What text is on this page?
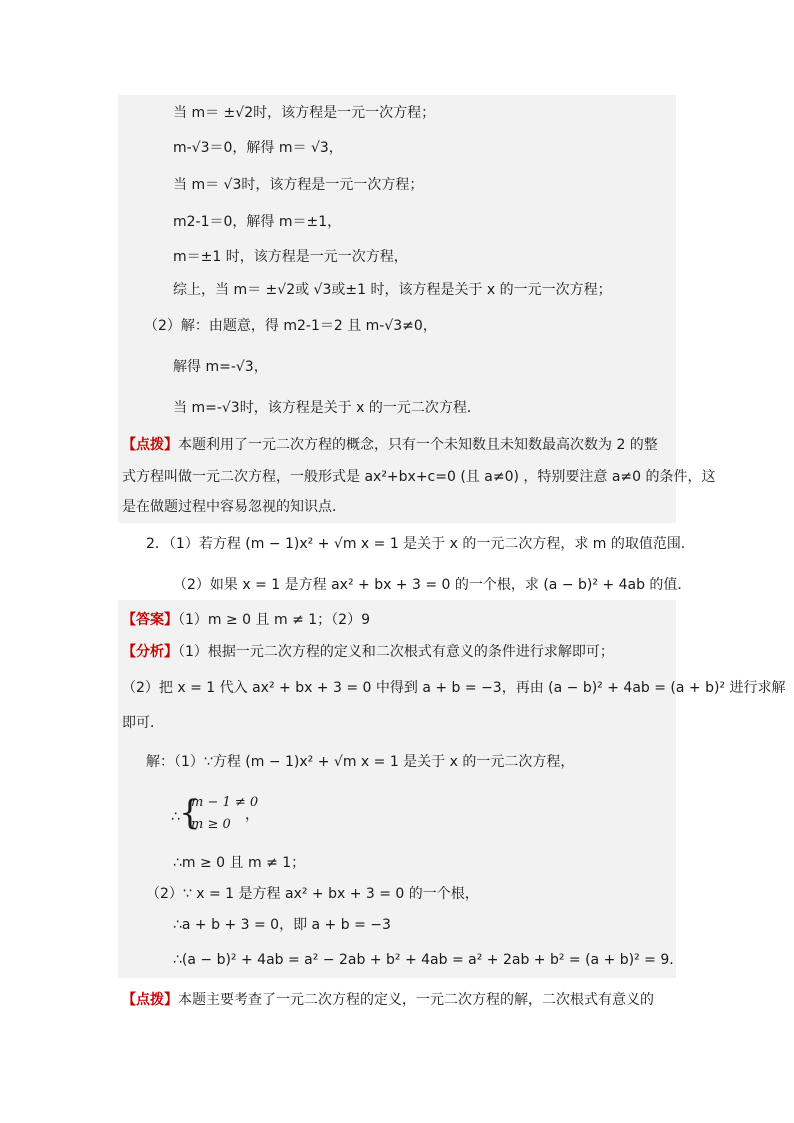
当 m＝ ±√2时，该方程是一元一次方程；
m-√3＝0，解得 m＝ √3，
当 m＝ √3时，该方程是一元一次方程；
m2-1＝0，解得 m＝±1，
m＝±1 时，该方程是一元一次方程，
综上，当 m＝ ±√2或 √3或±1 时，该方程是关于 x 的一元一次方程；
（2）解：由题意，得 m2-1＝2 且 m-√3≠0，
解得 m=-√3，
当 m=-√3时，该方程是关于 x 的一元二次方程．
【点拨】本题利用了一元二次方程的概念，只有一个未知数且未知数最高次数为 2 的整
式方程叫做一元二次方程，一般形式是 ax²+bx+c=0 (且 a≠0) ，特别要注意 a≠0 的条件，这
是在做题过程中容易忽视的知识点．
2．（1）若方程 (m − 1)x² + √m x = 1 是关于 x 的一元二次方程，求 m 的取值范围．
（2）如果 x = 1 是方程 ax² + bx + 3 = 0 的一个根，求 (a − b)² + 4ab 的值．
【答案】（1）m ≥ 0 且 m ≠ 1；（2）9
【分析】（1）根据一元二次方程的定义和二次根式有意义的条件进行求解即可；
（2）把 x = 1 代入 ax² + bx + 3 = 0 中得到 a + b = −3，再由 (a − b)² + 4ab = (a + b)² 进行求解
即可．
解：（1）∵方程 (m − 1)x² + √m x = 1 是关于 x 的一元二次方程，
∴ {
m − 1 ≠ 0
m ≥ 0
，
∴m ≥ 0 且 m ≠ 1；
（2）∵ x = 1 是方程 ax² + bx + 3 = 0 的一个根，
∴a + b + 3 = 0，即 a + b = −3
∴(a − b)² + 4ab = a² − 2ab + b² + 4ab = a² + 2ab + b² = (a + b)² = 9．
【点拨】本题主要考查了一元二次方程的定义，一元二次方程的解，二次根式有意义的
